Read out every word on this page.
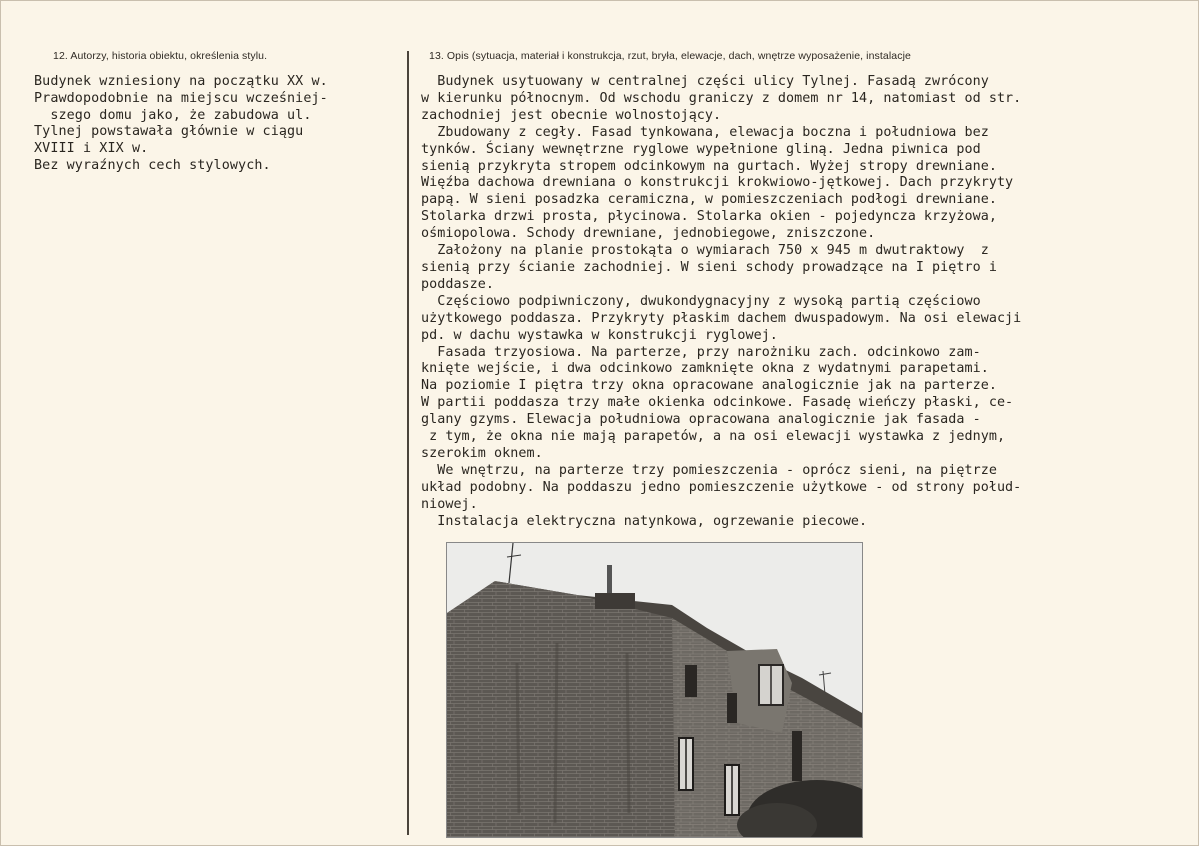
12. Autorzy, historia obiektu, określenia stylu.	13. Opis (sytuacja, materiał i konstrukcja, rzut, bryła, elewacje, dach, wnętrze wyposażenie, instalacje
Budynek wzniesiony na początku XX w.
Prawdopodobnie na miejscu wcześniej-
szego domu jako, że zabudowa ul.
Tylnej powstawała głównie w ciągu
XVIII i XIX w.
Bez wyraźnych cech stylowych.
Budynek usytuowany w centralnej części ulicy Tylnej. Fasadą zwrócony
w kierunku północnym. Od wschodu graniczy z domem nr 14, natomiast od str.
zachodniej jest obecnie wolnostojący.
Zbudowany z cegły. Fasad tynkowana, elewacja boczna i południowa bez
tynków. Ściany wewnętrzne ryglowe wypełnione gliną. Jedna piwnica pod
sienią przykryta stropem odcinkowym na gurtach. Wyżej stropy drewniane.
Więźba dachowa drewniana o konstrukcji krokwiowo-jętkowej. Dach przykryty
papą. W sieni posadzka ceramiczna, w pomieszczeniach podłogi drewniane.
Stolarka drzwi prosta, płycinowa. Stolarka okien - pojedyncza krzyżowa,
ośmiopolowa. Schody drewniane, jednobiegowe, zniszczone.
Założony na planie prostokąta o wymiarach 750 x 945 m dwutraktowy  z
sienią przy ścianie zachodniej. W sieni schody prowadzące na I piętro i
poddasze.
Częściowo podpiwniczony, dwukondygnacyjny z wysoką partią częściowo
użytkowego poddasza. Przykryty płaskim dachem dwuspadowym. Na osi elewacji
pd. w dachu wystawka w konstrukcji ryglowej.
Fasada trzyosiowa. Na parterze, przy narożniku zach. odcinkowo zam-
knięte wejście, i dwa odcinkowo zamknięte okna z wydatnymi parapetami.
Na poziomie I piętra trzy okna opracowane analogicznie jak na parterze.
W partii poddasza trzy małe okienka odcinkowe. Fasadę wieńczy płaski, ce-
glany gzyms. Elewacja południowa opracowana analogicznie jak fasada -
z tym, że okna nie mają parapetów, a na osi elewacji wystawka z jednym,
szerokim oknem.
We wnętrzu, na parterze trzy pomieszczenia - oprócz sieni, na piętrze
układ podobny. Na poddaszu jedno pomieszczenie użytkowe - od strony połud-
niowej.
Instalacja elektryczna natynkowa, ogrzewanie piecowe.
